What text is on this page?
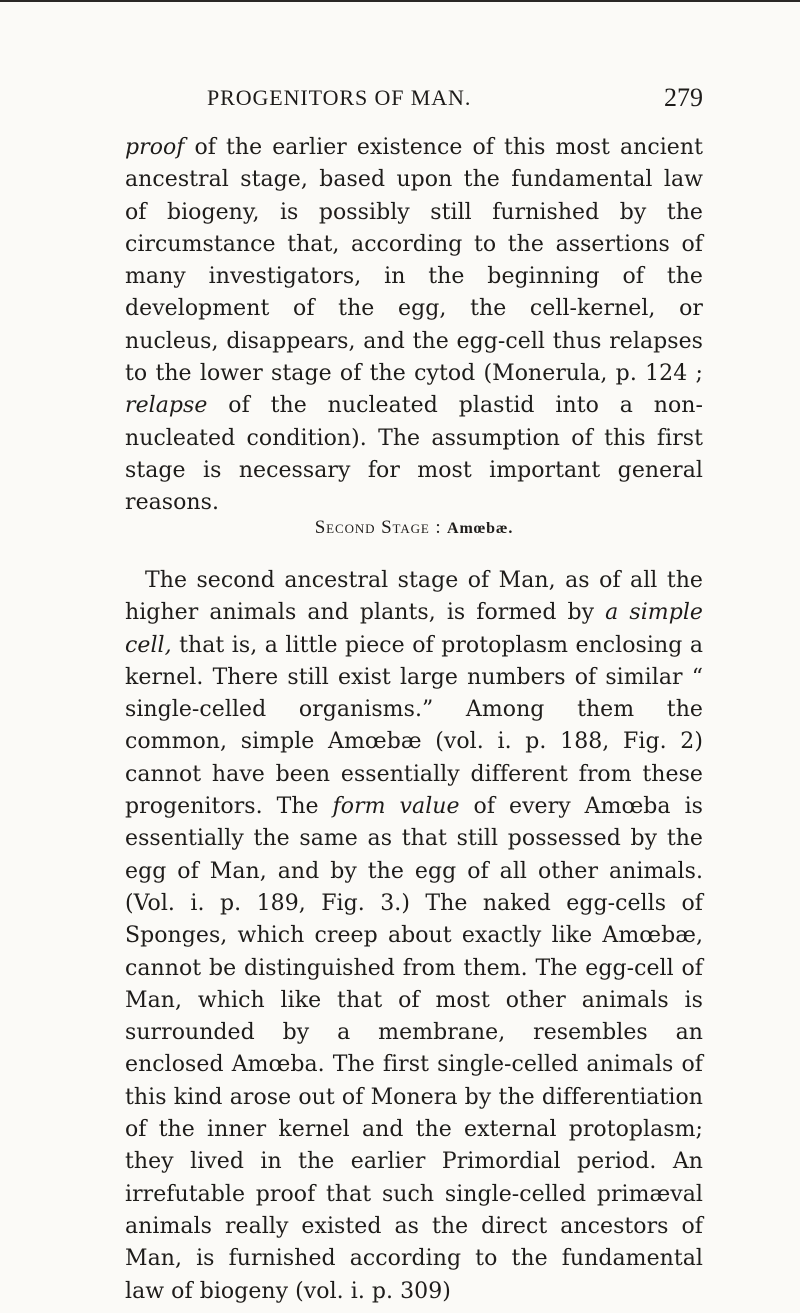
PROGENITORS OF MAN.	279

proof of the earlier existence of this most ancient ancestral stage, based upon the fundamental law of biogeny, is possibly still furnished by the circumstance that, according to the assertions of many investigators, in the beginning of the development of the egg, the cell-kernel, or nucleus, disappears, and the egg-cell thus relapses to the lower stage of the cytod (Monerula, p. 124 ; relapse of the nucleated plastid into a non-nucleated condition). The assumption of this first stage is necessary for most important general reasons.

Second Stage : Amœbæ.

The second ancestral stage of Man, as of all the higher animals and plants, is formed by a simple cell, that is, a little piece of protoplasm enclosing a kernel. There still exist large numbers of similar “ single-celled organisms.” Among them the common, simple Amœbæ (vol. i. p. 188, Fig. 2) cannot have been essentially different from these progenitors. The form value of every Amœba is essentially the same as that still possessed by the egg of Man, and by the egg of all other animals. (Vol. i. p. 189, Fig. 3.) The naked egg-cells of Sponges, which creep about exactly like Amœbæ, cannot be distinguished from them. The egg-cell of Man, which like that of most other animals is surrounded by a membrane, resembles an enclosed Amœba. The first single-celled animals of this kind arose out of Monera by the differentiation of the inner kernel and the external protoplasm; they lived in the earlier Primordial period. An irrefutable proof that such single-celled primæval animals really existed as the direct ancestors of Man, is furnished according to the fundamental law of biogeny (vol. i. p. 309)
